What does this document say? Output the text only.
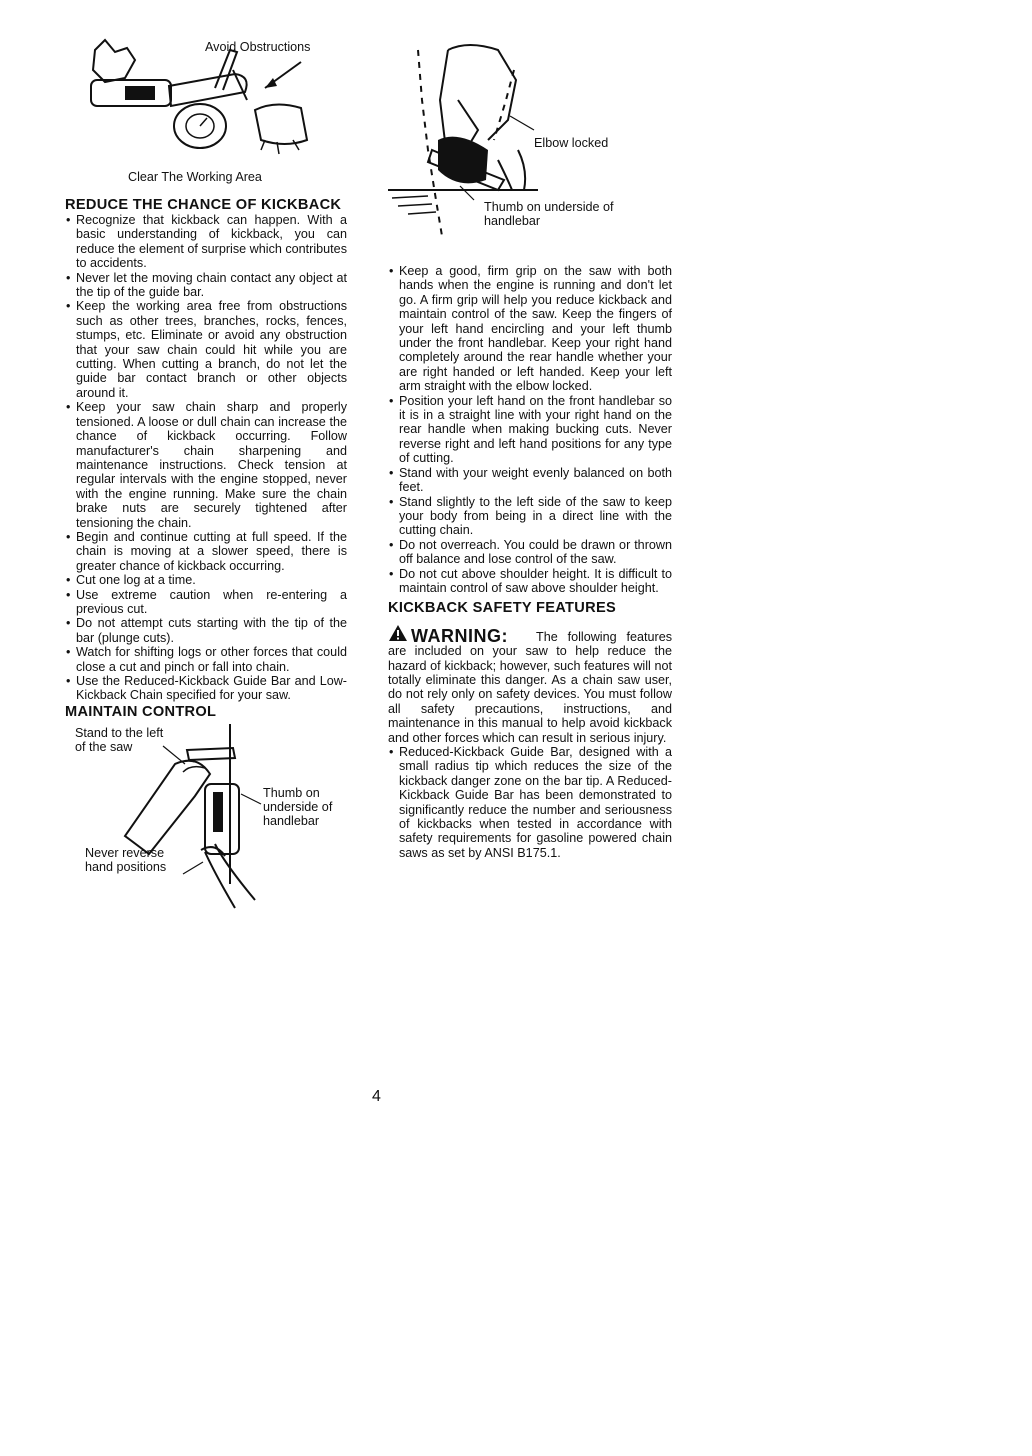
Avoid Obstructions
Clear The Working Area
REDUCE THE CHANCE OF KICKBACK
• Recognize that kickback can happen. With a basic understanding of kickback, you can reduce the element of surprise which contributes to accidents.
• Never let the moving chain contact any object at the tip of the guide bar.
• Keep the working area free from obstructions such as other trees, branches, rocks, fences, stumps, etc. Eliminate or avoid any obstruction that your saw chain could hit while you are cutting. When cutting a branch, do not let the guide bar contact branch or other objects around it.
• Keep your saw chain sharp and properly tensioned. A loose or dull chain can increase the chance of kickback occurring. Follow manufacturer's chain sharpening and maintenance instructions. Check tension at regular intervals with the engine stopped, never with the engine running. Make sure the chain brake nuts are securely tightened after tensioning the chain.
• Begin and continue cutting at full speed. If the chain is moving at a slower speed, there is greater chance of kickback occurring.
• Cut one log at a time.
• Use extreme caution when re-entering a previous cut.
• Do not attempt cuts starting with the tip of the bar (plunge cuts).
• Watch for shifting logs or other forces that could close a cut and pinch or fall into chain.
• Use the Reduced-Kickback Guide Bar and Low-Kickback Chain specified for your saw.
MAINTAIN CONTROL
Stand to the left of the saw
Thumb on underside of handlebar
Never reverse hand positions
Elbow locked
Thumb on underside of handlebar
• Keep a good, firm grip on the saw with both hands when the engine is running and don't let go. A firm grip will help you reduce kickback and maintain control of the saw. Keep the fingers of your left hand encircling and your left thumb under the front handlebar. Keep your right hand completely around the rear handle whether your are right handed or left handed. Keep your left arm straight with the elbow locked.
• Position your left hand on the front handlebar so it is in a straight line with your right hand on the rear handle when making bucking cuts. Never reverse right and left hand positions for any type of cutting.
• Stand with your weight evenly balanced on both feet.
• Stand slightly to the left side of the saw to keep your body from being in a direct line with the cutting chain.
• Do not overreach. You could be drawn or thrown off balance and lose control of the saw.
• Do not cut above shoulder height. It is difficult to maintain control of saw above shoulder height.
KICKBACK SAFETY FEATURES
WARNING:	The following features are included on your saw to help reduce the hazard of kickback; however, such features will not totally eliminate this danger. As a chain saw user, do not rely only on safety devices. You must follow all safety precautions, instructions, and maintenance in this manual to help avoid kickback and other forces which can result in serious injury.
• Reduced-Kickback Guide Bar, designed with a small radius tip which reduces the size of the kickback danger zone on the bar tip. A Reduced-Kickback Guide Bar has been demonstrated to significantly reduce the number and seriousness of kickbacks when tested in accordance with safety requirements for gasoline powered chain saws as set by ANSI B175.1.
4
